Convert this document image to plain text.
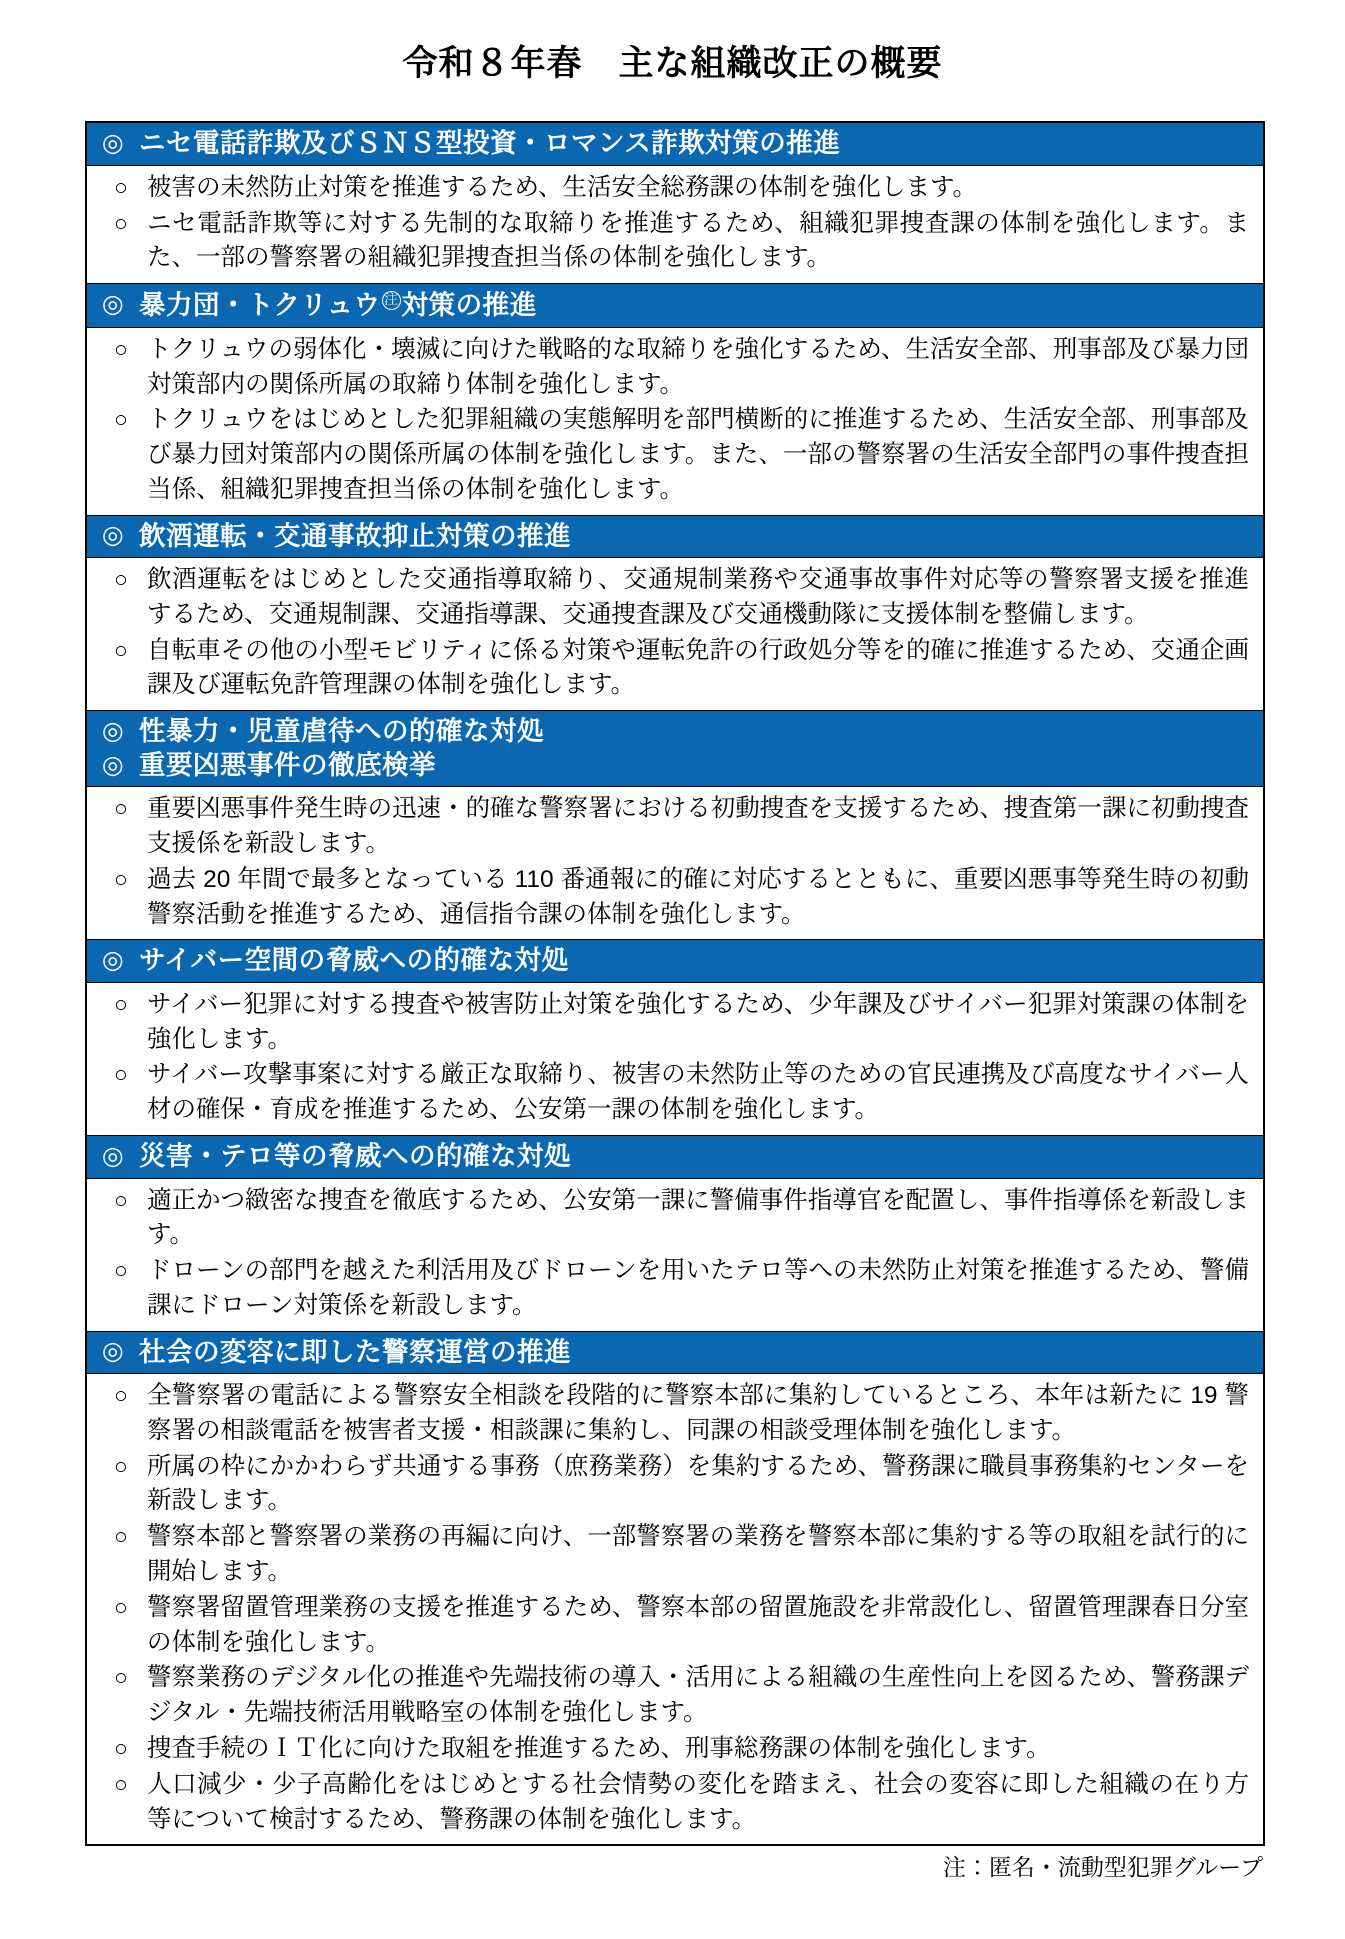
令和８年春　主な組織改正の概要
◎ ニセ電話詐欺及びＳＮＳ型投資・ロマンス詐欺対策の推進
○ 被害の未然防止対策を推進するため、生活安全総務課の体制を強化します。
○ ニセ電話詐欺等に対する先制的な取締りを推進するため、組織犯罪捜査課の体制を強化します。また、一部の警察署の組織犯罪捜査担当係の体制を強化します。
◎ 暴力団・トクリュウ 注 対策の推進
○ トクリュウの弱体化・壊滅に向けた戦略的な取締りを強化するため、生活安全部、刑事部及び暴力団対策部内の関係所属の取締り体制を強化します。
○ トクリュウをはじめとした犯罪組織の実態解明を部門横断的に推進するため、生活安全部、刑事部及び暴力団対策部内の関係所属の体制を強化します。また、一部の警察署の生活安全部門の事件捜査担当係、組織犯罪捜査担当係の体制を強化します。
◎ 飲酒運転・交通事故抑止対策の推進
○ 飲酒運転をはじめとした交通指導取締り、交通規制業務や交通事故事件対応等の警察署支援を推進するため、交通規制課、交通指導課、交通捜査課及び交通機動隊に支援体制を整備します。
○ 自転車その他の小型モビリティに係る対策や運転免許の行政処分等を的確に推進するため、交通企画課及び運転免許管理課の体制を強化します。
◎ 性暴力・児童虐待への的確な対処
◎ 重要凶悪事件の徹底検挙
○ 重要凶悪事件発生時の迅速・的確な警察署における初動捜査を支援するため、捜査第一課に初動捜査支援係を新設します。
○ 過去 20 年間で最多となっている 110 番通報に的確に対応するとともに、重要凶悪事等発生時の初動警察活動を推進するため、通信指令課の体制を強化します。
◎ サイバー空間の脅威への的確な対処
○ サイバー犯罪に対する捜査や被害防止対策を強化するため、少年課及びサイバー犯罪対策課の体制を強化します。
○ サイバー攻撃事案に対する厳正な取締り、被害の未然防止等のための官民連携及び高度なサイバー人材の確保・育成を推進するため、公安第一課の体制を強化します。
◎ 災害・テロ等の脅威への的確な対処
○ 適正かつ緻密な捜査を徹底するため、公安第一課に警備事件指導官を配置し、事件指導係を新設します。
○ ドローンの部門を越えた利活用及びドローンを用いたテロ等への未然防止対策を推進するため、警備課にドローン対策係を新設します。
◎ 社会の変容に即した警察運営の推進
○ 全警察署の電話による警察安全相談を段階的に警察本部に集約しているところ、本年は新たに 19 警察署の相談電話を被害者支援・相談課に集約し、同課の相談受理体制を強化します。
○ 所属の枠にかかわらず共通する事務（庶務業務）を集約するため、警務課に職員事務集約センターを新設します。
○ 警察本部と警察署の業務の再編に向け、一部警察署の業務を警察本部に集約する等の取組を試行的に開始します。
○ 警察署留置管理業務の支援を推進するため、警察本部の留置施設を非常設化し、留置管理課春日分室の体制を強化します。
○ 警察業務のデジタル化の推進や先端技術の導入・活用による組織の生産性向上を図るため、警務課デジタル・先端技術活用戦略室の体制を強化します。
○ 捜査手続のＩＴ化に向けた取組を推進するため、刑事総務課の体制を強化します。
○ 人口減少・少子高齢化をはじめとする社会情勢の変化を踏まえ、社会の変容に即した組織の在り方等について検討するため、警務課の体制を強化します。
注：匿名・流動型犯罪グループ
